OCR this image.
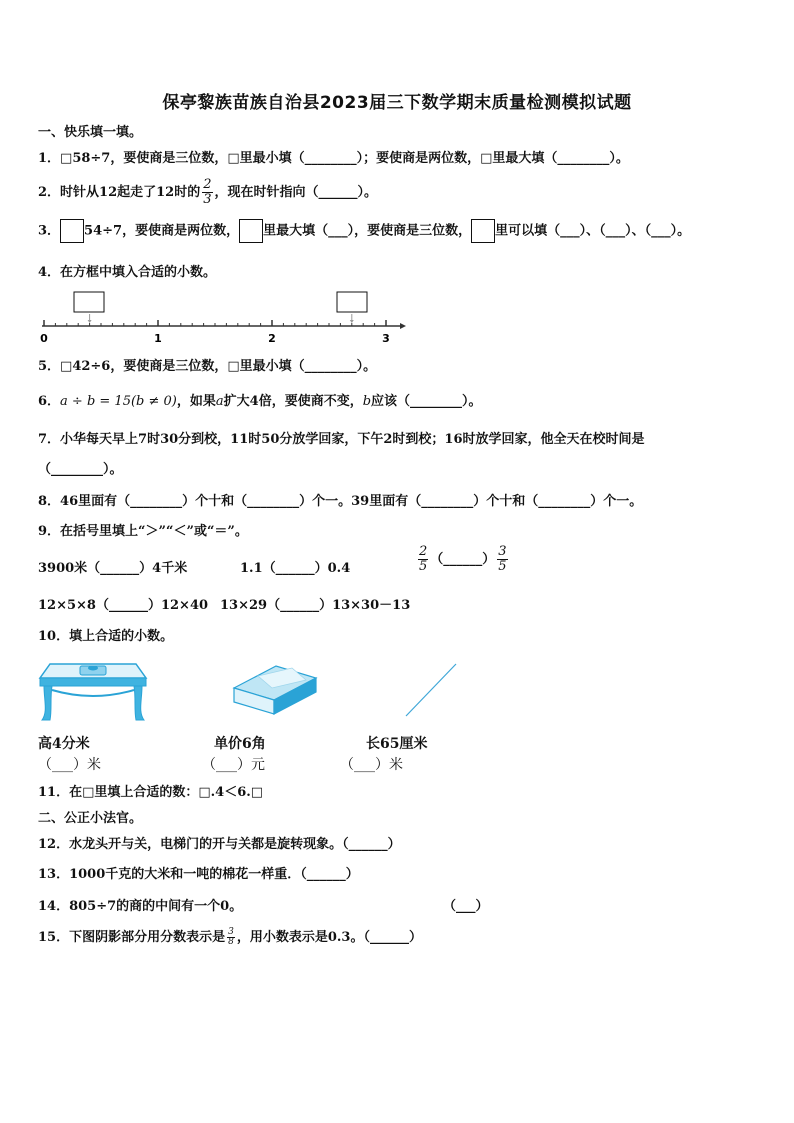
保亭黎族苗族自治县2023届三下数学期末质量检测模拟试题
一、快乐填一填。
1．□58÷7，要使商是三位数，□里最小填（________）；要使商是两位数，□里最大填（________）。
2．时针从12起走了12时的 $\frac{2}{3}$ ，现在时针指向（______）。
3． 54÷7，要使商是两位数， 里最大填（___），要使商是三位数， 里可以填（___）、（___）、（___）。
4．在方框中填入合适的小数。
0	1	2	3
5．□42÷6，要使商是三位数，□里最小填（________）。
6．a ÷ b = 15(b ≠ 0)，如果a扩大4倍，要使商不变，b应该（________）。
7．小华每天早上7时30分到校，11时50分放学回家，下午2时到校；16时放学回家，他全天在校时间是
（________）。
8．46里面有（________）个十和（________）个一。39里面有（________）个十和（________）个一。
9．在括号里填上“＞”“＜”或“＝”。
3900米（______）4千米	1.1（______）0.4	$\frac{2}{5}$ （______） $\frac{3}{5}$
12×5×8（______）12×40 13×29（______）13×30－13
10．填上合适的小数。
高4分米
（___）米
单价6角
（___）元
长65厘米
（___）米
11．在□里填上合适的数：□.4＜6.□
二、公正小法官。
12．水龙头开与关，电梯门的开与关都是旋转现象。（______）
13．1000千克的大米和一吨的棉花一样重．（______）
14．805÷7的商的中间有一个0。	（___）
15．下图阴影部分用分数表示是 $\frac{3}{8}$ ，用小数表示是0.3。（______）
